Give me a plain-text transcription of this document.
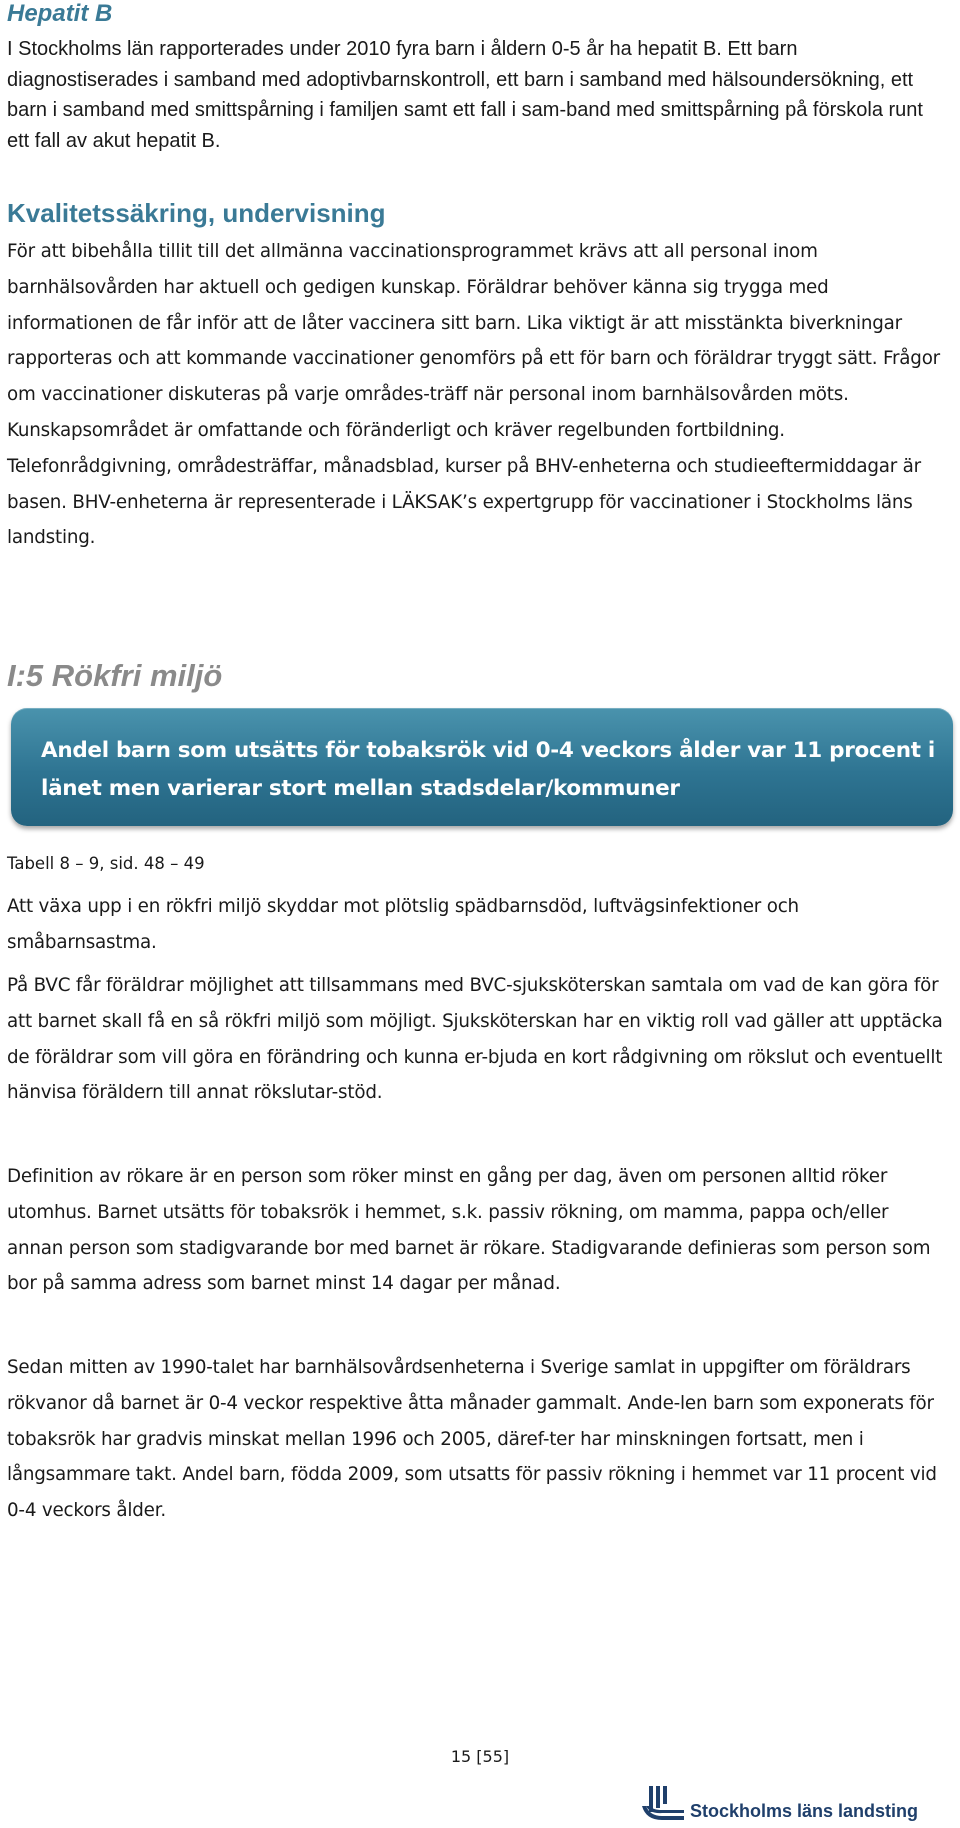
Hepatit B

I Stockholms län rapporterades under 2010 fyra barn i åldern 0-5 år ha hepatit B. Ett barn diagnostiserades i samband med adoptivbarnskontroll, ett barn i samband med hälsoundersökning, ett barn i samband med smittspårning i familjen samt ett fall i sam-band med smittspårning på förskola runt ett fall av akut hepatit B.

Kvalitetssäkring, undervisning

För att bibehålla tillit till det allmänna vaccinationsprogrammet krävs att all personal inom barnhälsovården har aktuell och gedigen kunskap. Föräldrar behöver känna sig trygga med informationen de får inför att de låter vaccinera sitt barn. Lika viktigt är att misstänkta biverkningar rapporteras och att kommande vaccinationer genomförs på ett för barn och föräldrar tryggt sätt. Frågor om vaccinationer diskuteras på varje områdes-träff när personal inom barnhälsovården möts. Kunskapsområdet är omfattande och föränderligt och kräver regelbunden fortbildning. Telefonrådgivning, områdesträffar, månadsblad, kurser på BHV-enheterna och studieeftermiddagar är basen. BHV-enheterna är representerade i LÄKSAK’s expertgrupp för vaccinationer i Stockholms läns landsting.

I:5 Rökfri miljö

Andel barn som utsätts för tobaksrök vid 0-4 veckors ålder var 11 procent i länet men varierar stort mellan stadsdelar/kommuner

Tabell 8 – 9, sid. 48 – 49

Att växa upp i en rökfri miljö skyddar mot plötslig spädbarnsdöd, luftvägsinfektioner och småbarnsastma.

På BVC får föräldrar möjlighet att tillsammans med BVC-sjuksköterskan samtala om vad de kan göra för att barnet skall få en så rökfri miljö som möjligt. Sjuksköterskan har en viktig roll vad gäller att upptäcka de föräldrar som vill göra en förändring och kunna er-bjuda en kort rådgivning om rökslut och eventuellt hänvisa föräldern till annat rökslutar-stöd.

Definition av rökare är en person som röker minst en gång per dag, även om personen alltid röker utomhus. Barnet utsätts för tobaksrök i hemmet, s.k. passiv rökning, om mamma, pappa och/eller annan person som stadigvarande bor med barnet är rökare. Stadigvarande definieras som person som bor på samma adress som barnet minst 14 dagar per månad.

Sedan mitten av 1990-talet har barnhälsovårdsenheterna i Sverige samlat in uppgifter om föräldrars rökvanor då barnet är 0-4 veckor respektive åtta månader gammalt. Ande-len barn som exponerats för tobaksrök har gradvis minskat mellan 1996 och 2005, däref-ter har minskningen fortsatt, men i långsammare takt. Andel barn, födda 2009, som utsatts för passiv rökning i hemmet var 11 procent vid 0-4 veckors ålder.

15 [55]

Stockholms läns landsting
